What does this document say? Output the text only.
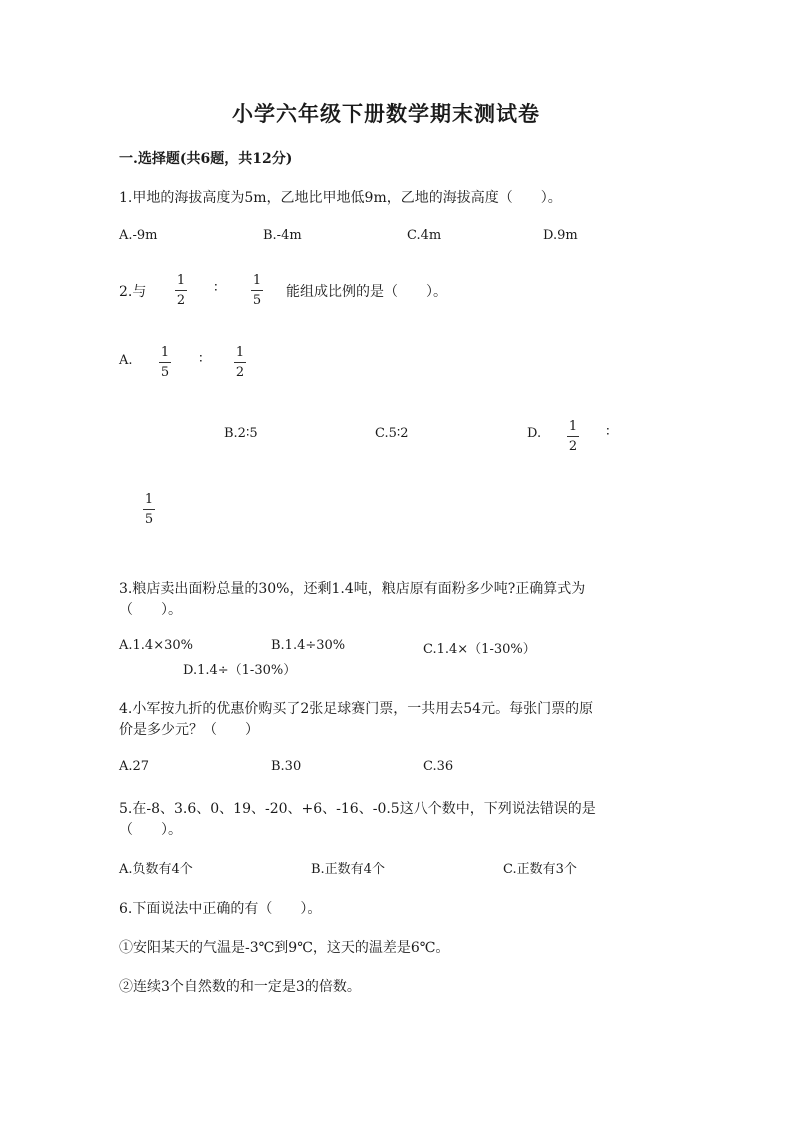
小学六年级下册数学期末测试卷
一.选择题(共6题，共12分)
1.甲地的海拔高度为5m，乙地比甲地低9m，乙地的海拔高度（　　）。
A.-9m	B.-4m	C.4m	D.9m
2.与
1
2
∶	1
5
能组成比例的是（　　）。
A.
1
5
∶	1
2
B.2∶5	C.5∶2	D. 1
2
∶
1
5
3.粮店卖出面粉总量的30%，还剩1.4吨，粮店原有面粉多少吨?正确算式为
（　　）。
A.1.4×30%	B.1.4÷30%	C.1.4×（1-30%）
D.1.4÷（1-30%）
4.小军按九折的优惠价购买了2张足球赛门票，一共用去54元。每张门票的原
价是多少元？（　　）
A.27	B.30	C.36
5.在-8、3.6、0、19、-20、+6、-16、-0.5这八个数中，下列说法错误的是
（　　）。
A.负数有4个	B.正数有4个	C.正数有3个
6.下面说法中正确的有（　　）。
①安阳某天的气温是-3℃到9℃，这天的温差是6℃。
②连续3个自然数的和一定是3的倍数。
